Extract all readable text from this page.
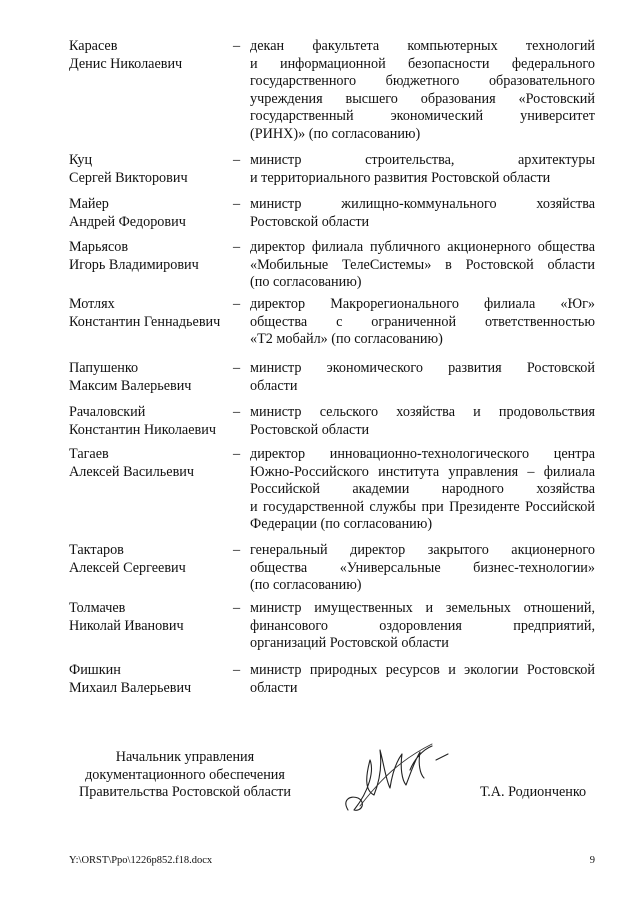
Карасев
Денис Николаевич
– декан факультета компьютерных технологий
и информационной безопасности федерального
государственного бюджетного образовательного
учреждения высшего образования «Ростовский
государственный экономический университет
(РИНХ)» (по согласованию)
Куц
Сергей Викторович
– министр строительства, архитектуры
и территориального развития Ростовской области
Майер
Андрей Федорович
– министр жилищно-коммунального хозяйства
Ростовской области
Марьясов
Игорь Владимирович
– директор филиала публичного акционерного общества
«Мобильные ТелеСистемы» в Ростовской области
(по согласованию)
Мотлях
Константин Геннадьевич
– директор Макрорегионального филиала «Юг»
общества с ограниченной ответственностью
«Т2 мобайл» (по согласованию)
Папушенко
Максим Валерьевич
– министр экономического развития Ростовской
области
Рачаловский
Константин Николаевич
– министр сельского хозяйства и продовольствия
Ростовской области
Тагаев
Алексей Васильевич
– директор инновационно-технологического центра
Южно-Российского института управления – филиала
Российской академии народного хозяйства
и государственной службы при Президенте Российской
Федерации (по согласованию)
Тактаров
Алексей Сергеевич
– генеральный директор закрытого акционерного
общества «Универсальные бизнес-технологии»
(по согласованию)
Толмачев
Николай Иванович
– министр имущественных и земельных отношений,
финансового оздоровления предприятий,
организаций Ростовской области
Фишкин
Михаил Валерьевич
– министр природных ресурсов и экологии Ростовской
области
Начальник управления
документационного обеспечения
Правительства Ростовской области	Т.А. Родионченко
Y:\ORST\Ppo\1226p852.f18.docx	9
